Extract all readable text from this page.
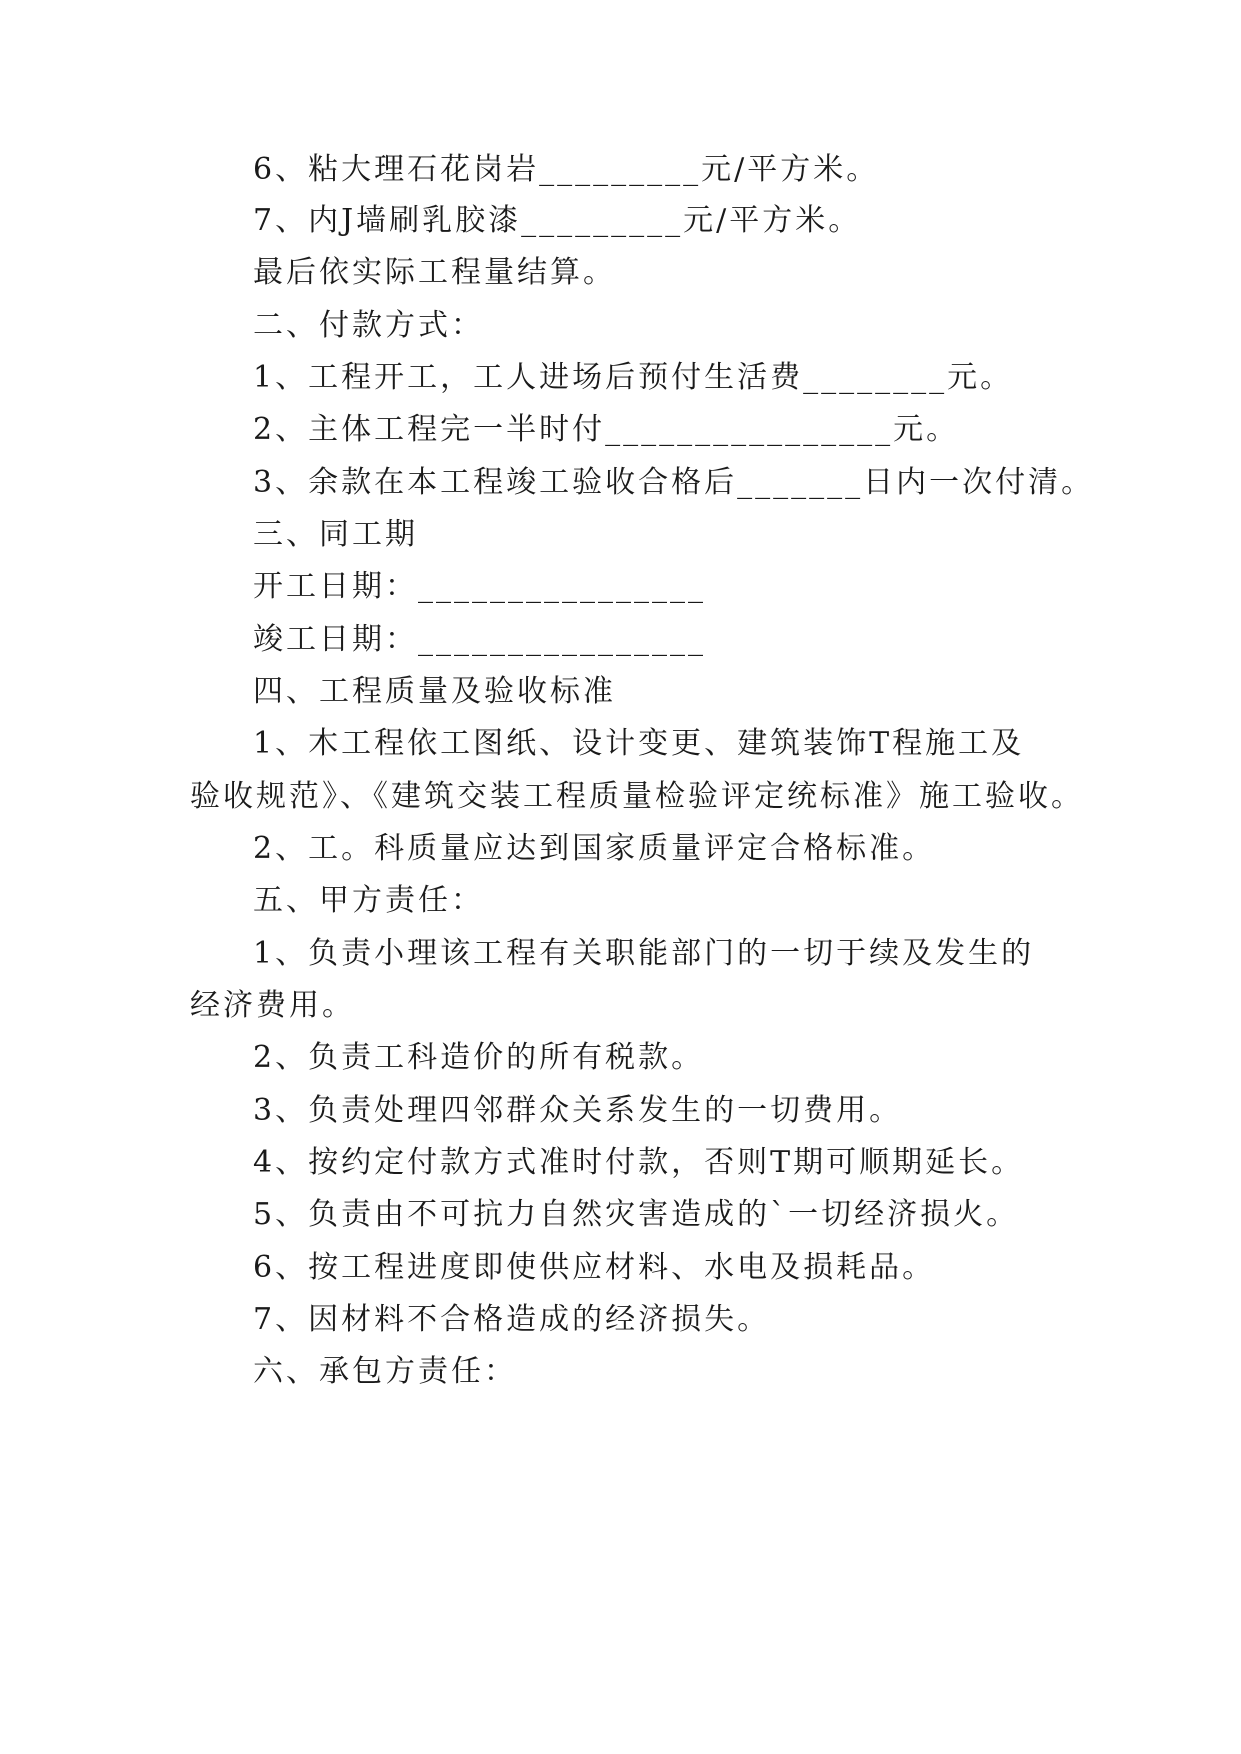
6、粘大理石花岗岩_________元/平方米。
7、内J墙刷乳胶漆_________元/平方米。
最后依实际工程量结算。
二、付款方式：
1、工程开工，工人进场后预付生活费________元。
2、主体工程完一半时付________________元。
3、余款在本工程竣工验收合格后_______日内一次付清。
三、同工期
开工日期：________________
竣工日期：________________
四、工程质量及验收标准
1、木工程依工图纸、设计变更、建筑装饰T程施工及
验收规范》、《建筑交装工程质量检验评定统标准》施工验收。
2、工。科质量应达到国家质量评定合格标准。
五、甲方责任：
1、负责小理该工程有关职能部门的一切于续及发生的
经济费用。
2、负责工科造价的所有税款。
3、负责处理四邻群众关系发生的一切费用。
4、按约定付款方式准时付款，否则T期可顺期延长。
5、负责由不可抗力自然灾害造成的`一切经济损火。
6、按工程进度即使供应材料、水电及损耗品。
7、因材料不合格造成的经济损失。
六、承包方责任：
